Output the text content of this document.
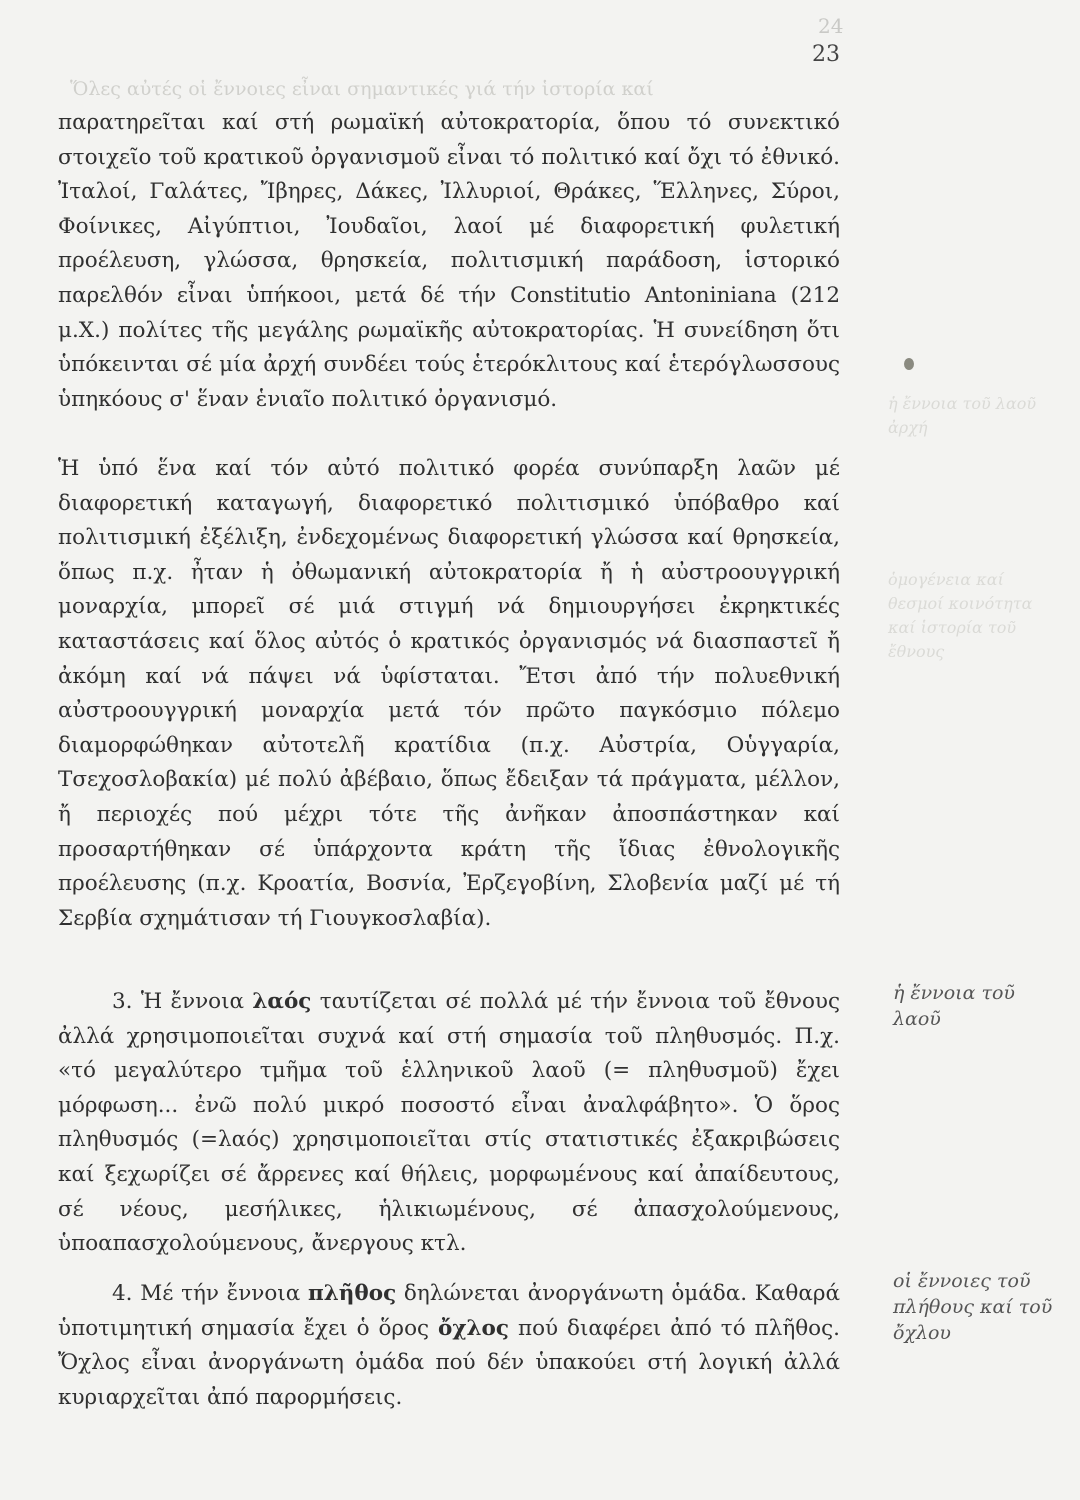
24
23
Ὅλες αὐτές οἱ ἔννοιες εἶναι σημαντικές γιά τήν ἱστορία καί

παρατηρεῖται καί στή ρωμαϊκή αὐτοκρατορία, ὅπου τό συνεκτικό στοιχεῖο τοῦ κρατικοῦ ὀργανισμοῦ εἶναι τό πολιτικό καί ὄχι τό ἐθνικό. Ἰταλοί, Γαλάτες, Ἴβηρες, Δάκες, Ἰλλυριοί, Θράκες, Ἕλληνες, Σύροι, Φοίνικες, Αἰγύπτιοι, Ἰουδαῖοι, λαοί μέ διαφορετική φυλετική προέλευση, γλώσσα, θρησκεία, πολιτισμική παράδοση, ἱστορικό παρελθόν εἶναι ὑπήκοοι, μετά δέ τήν Constitutio Antoniniana (212 μ.Χ.) πολίτες τῆς μεγάλης ρωμαϊκῆς αὐτοκρατορίας. Ἡ συνείδηση ὅτι ὑπόκεινται σέ μία ἀρχή συνδέει τούς ἑτερόκλιτους καί ἑτερόγλωσσους ὑπηκόους σ' ἕναν ἑνιαῖο πολιτικό ὀργανισμό.

Ἡ ὑπό ἕνα καί τόν αὐτό πολιτικό φορέα συνύπαρξη λαῶν μέ διαφορετική καταγωγή, διαφορετικό πολιτισμικό ὑπόβαθρο καί πολιτισμική ἐξέλιξη, ἐνδεχομένως διαφορετική γλώσσα καί θρησκεία, ὅπως π.χ. ἦταν ἡ ὀθωμανική αὐτοκρατορία ἤ ἡ αὐστροουγγρική μοναρχία, μπορεῖ σέ μιά στιγμή νά δημιουργήσει ἐκρηκτικές καταστάσεις καί ὅλος αὐτός ὁ κρατικός ὀργανισμός νά διασπαστεῖ ἤ ἀκόμη καί νά πάψει νά ὑφίσταται. Ἔτσι ἀπό τήν πολυεθνική αὐστροουγγρική μοναρχία μετά τόν πρῶτο παγκόσμιο πόλεμο διαμορφώθηκαν αὐτοτελῆ κρατίδια (π.χ. Αὐστρία, Οὑγγαρία, Τσεχοσλοβακία) μέ πολύ ἀβέβαιο, ὅπως ἔδειξαν τά πράγματα, μέλλον, ἤ περιοχές πού μέχρι τότε τῆς ἀνῆκαν ἀποσπάστηκαν καί προσαρτήθηκαν σέ ὑπάρχοντα κράτη τῆς ἴδιας ἐθνολογικῆς προέλευσης (π.χ. Κροατία, Βοσνία, Ἐρζεγοβίνη, Σλοβενία μαζί μέ τή Σερβία σχημάτισαν τή Γιουγκοσλαβία).

3. Ἡ ἔννοια λαός ταυτίζεται σέ πολλά μέ τήν ἔννοια τοῦ ἔθνους ἀλλά χρησιμοποιεῖται συχνά καί στή σημασία τοῦ πληθυσμός. Π.χ. «τό μεγαλύτερο τμῆμα τοῦ ἑλληνικοῦ λαοῦ (= πληθυσμοῦ) ἔχει μόρφωση... ἐνῶ πολύ μικρό ποσοστό εἶναι ἀναλφάβητο». Ὁ ὅρος πληθυσμός (=λαός) χρησιμοποιεῖται στίς στατιστικές ἐξακριβώσεις καί ξεχωρίζει σέ ἄρρενες καί θήλεις, μορφωμένους καί ἀπαίδευτους, σέ νέους, μεσήλικες, ἡλικιωμένους, σέ ἀπασχολούμενους, ὑποαπασχολούμενους, ἄνεργους κτλ.

4. Μέ τήν ἔννοια πλῆθος δηλώνεται ἀνοργάνωτη ὁμάδα. Καθαρά ὑποτιμητική σημασία ἔχει ὁ ὅρος ὄχλος πού διαφέρει ἀπό τό πλῆθος. Ὄχλος εἶναι ἀνοργάνωτη ὁμάδα πού δέν ὑπακούει στή λογική ἀλλά κυριαρχεῖται ἀπό παρορμήσεις.

ἡ ἔννοια τοῦ λαοῦ ἀρχή
ὁμογένεια καί θεσμοί κοινότητα καί ἱστορία τοῦ ἔθνους
ἡ ἔννοια τοῦ λαοῦ
οἱ ἔννοιες τοῦ πλήθους καί τοῦ ὄχλου
